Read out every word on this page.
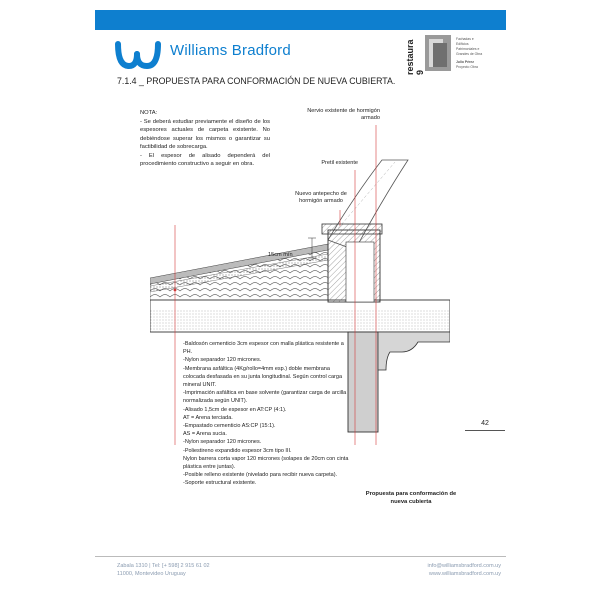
Williams Bradford	restaura 9
Fachadas e
Edificios
Patrimoniales e
Grandes de Obra
Julio Pérez
Proyecto Obra
7.1.4 _ PROPUESTA PARA CONFORMACIÓN DE NUEVA CUBIERTA.
NOTA:
- Se deberá estudiar previamente el diseño de los espesores actuales de carpeta existente. No debiéndose superar los mismos o garantizar su factibilidad de sobrecarga.
- El espesor de alisado dependerá del procedimiento constructivo a seguir en obra.
Nervio existente de hormigón armado
Pretil existente
Nuevo antepecho de hormigón armado
15cm mín
-Baldosón cementicio 3cm espesor con malla plástica resistente a PH.
-Nylon separador 120 micrones.
-Membrana asfáltica (4Kg/rollo=4mm esp.) doble membrana colocada desfasada en su junta longitudinal. Según control carga mineral UNIT.
-Imprimación asfáltica en base solvente (garantizar carga de arcilla normalizada según UNIT).
-Alisado 1,5cm de espesor en AT:CP (4:1).
AT = Arena terciada.
-Empastado cementicio AS:CP (15:1).
AS = Arena sucia.
-Nylon separador 120 micrones.
-Poliestireno expandido espesor 3cm tipo III.
Nylon barrera corta vapor 120 micrones (solapes de 20cm con cinta plástica entre juntas).
-Posible relleno existente (nivelado para recibir nueva carpeta).
-Soporte estructural existente.
Propuesta para conformación de nueva cubierta
42
Zabala 1310 | Tel: [+ 598] 2 915 61 02
11000, Montevideo Uruguay
info@williamsbradford.com.uy
www.williamsbradford.com.uy
